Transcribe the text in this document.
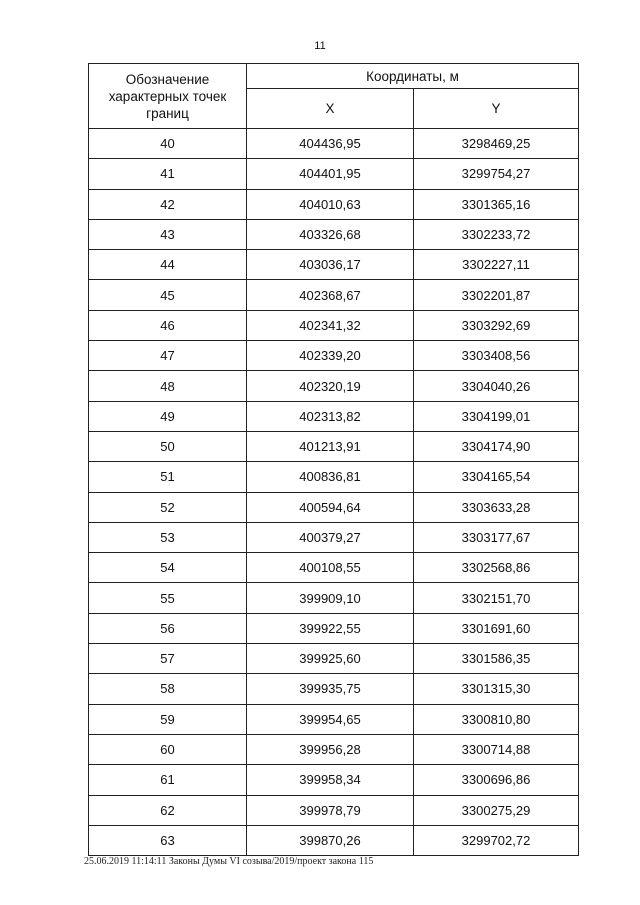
11
Обозначение характерных точек границ	Координаты, м	
	X	Y
40	404436,95	3298469,25
41	404401,95	3299754,27
42	404010,63	3301365,16
43	403326,68	3302233,72
44	403036,17	3302227,11
45	402368,67	3302201,87
46	402341,32	3303292,69
47	402339,20	3303408,56
48	402320,19	3304040,26
49	402313,82	3304199,01
50	401213,91	3304174,90
51	400836,81	3304165,54
52	400594,64	3303633,28
53	400379,27	3303177,67
54	400108,55	3302568,86
55	399909,10	3302151,70
56	399922,55	3301691,60
57	399925,60	3301586,35
58	399935,75	3301315,30
59	399954,65	3300810,80
60	399956,28	3300714,88
61	399958,34	3300696,86
62	399978,79	3300275,29
63	399870,26	3299702,72
25.06.2019 11:14:11 Законы Думы VI созыва/2019/проект закона 115
